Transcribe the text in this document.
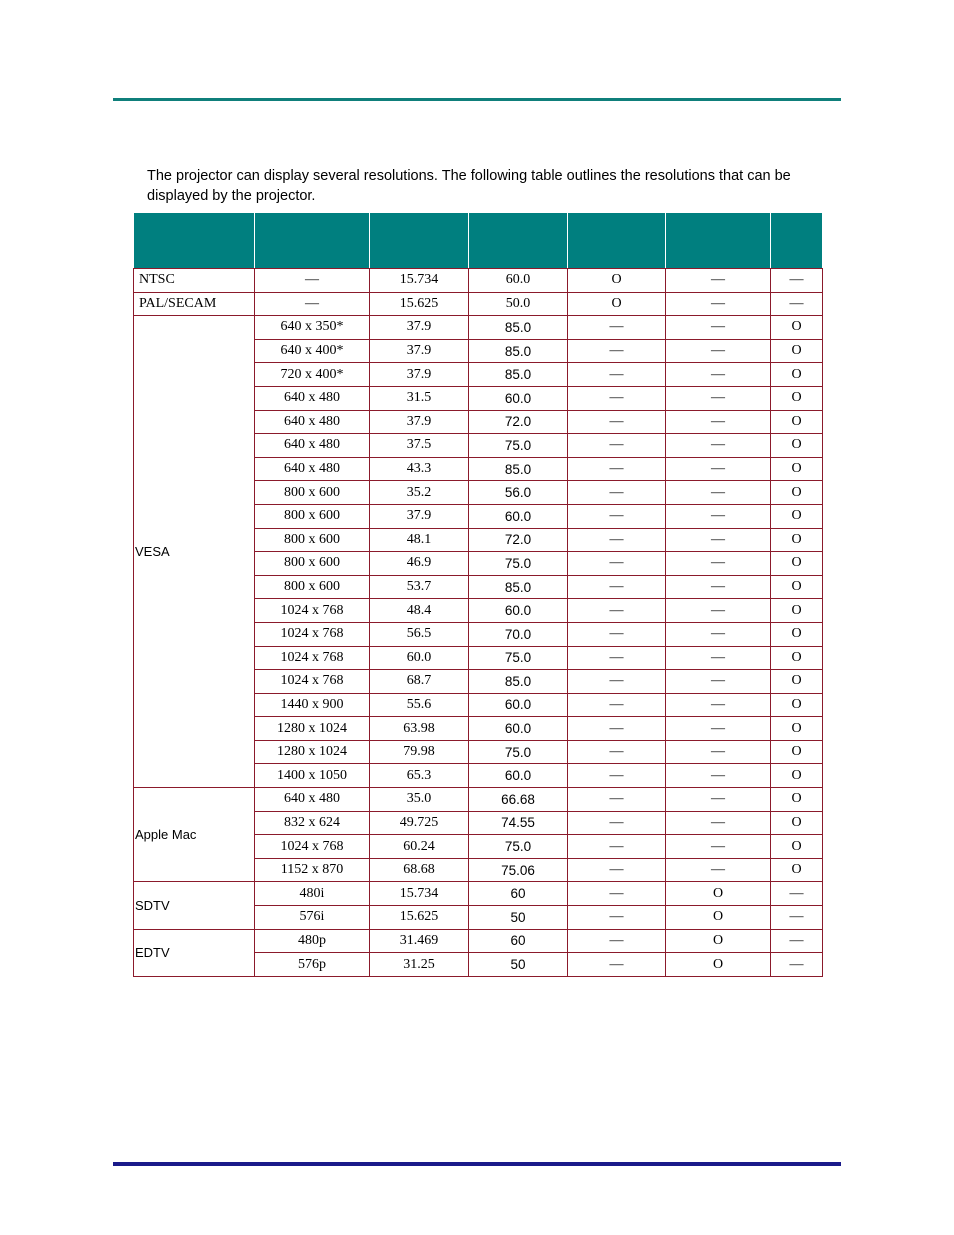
The projector can display several resolutions. The following table outlines the resolutions that can be displayed by the projector.

NTSC	—	15.734	60.0	O	—	—
PAL/SECAM	—	15.625	50.0	O	—	—
VESA	640 x 350*	37.9	85.0	—	—	O
	640 x 400*	37.9	85.0	—	—	O
	720 x 400*	37.9	85.0	—	—	O
	640 x 480	31.5	60.0	—	—	O
	640 x 480	37.9	72.0	—	—	O
	640 x 480	37.5	75.0	—	—	O
	640 x 480	43.3	85.0	—	—	O
	800 x 600	35.2	56.0	—	—	O
	800 x 600	37.9	60.0	—	—	O
	800 x 600	48.1	72.0	—	—	O
	800 x 600	46.9	75.0	—	—	O
	800 x 600	53.7	85.0	—	—	O
	1024 x 768	48.4	60.0	—	—	O
	1024 x 768	56.5	70.0	—	—	O
	1024 x 768	60.0	75.0	—	—	O
	1024 x 768	68.7	85.0	—	—	O
	1440 x 900	55.6	60.0	—	—	O
	1280 x 1024	63.98	60.0	—	—	O
	1280 x 1024	79.98	75.0	—	—	O
	1400 x 1050	65.3	60.0	—	—	O
Apple Mac	640 x 480	35.0	66.68	—	—	O
	832 x 624	49.725	74.55	—	—	O
	1024 x 768	60.24	75.0	—	—	O
	1152 x 870	68.68	75.06	—	—	O
SDTV	480i	15.734	60	—	O	—
	576i	15.625	50	—	O	—
EDTV	480p	31.469	60	—	O	—
	576p	31.25	50	—	O	—
